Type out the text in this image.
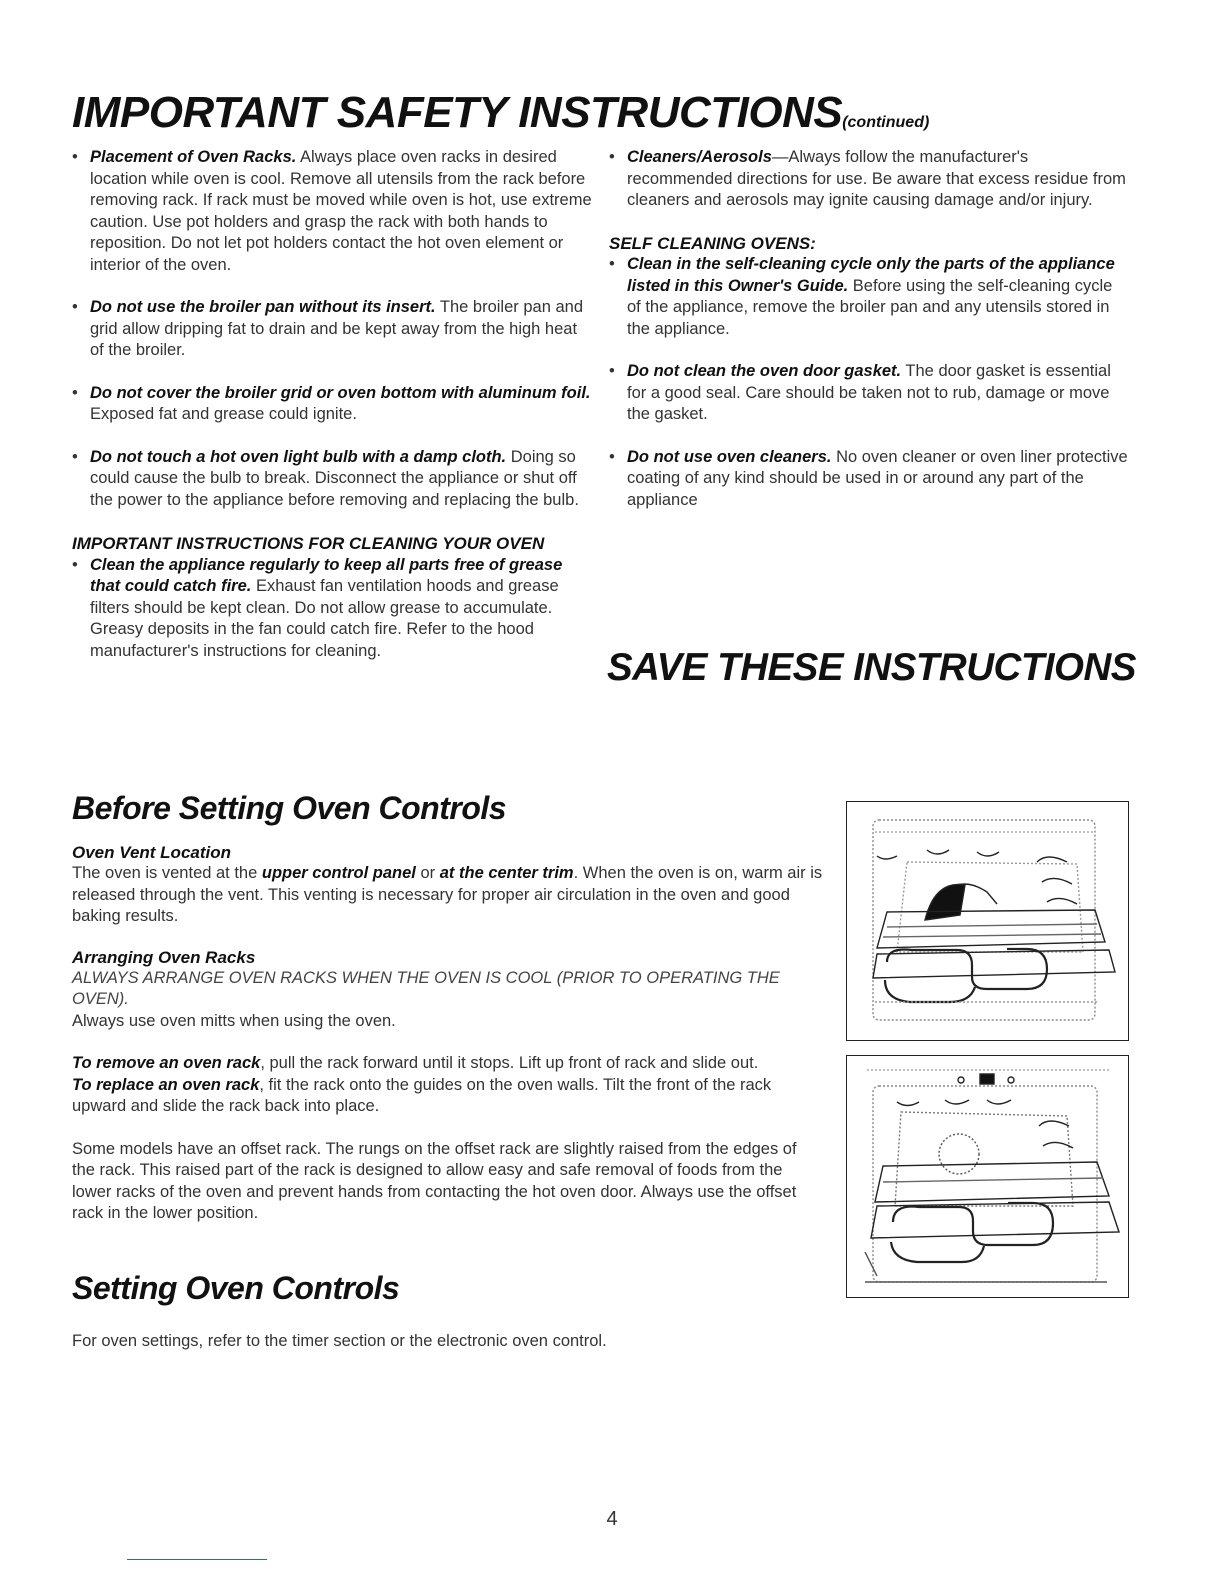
IMPORTANT SAFETY INSTRUCTIONS(continued)

• Placement of Oven Racks. Always place oven racks in desired location while oven is cool. Remove all utensils from the rack before removing rack. If rack must be moved while oven is hot, use extreme caution. Use pot holders and grasp the rack with both hands to reposition. Do not let pot holders contact the hot oven element or interior of the oven.

• Do not use the broiler pan without its insert. The broiler pan and grid allow dripping fat to drain and be kept away from the high heat of the broiler.

• Do not cover the broiler grid or oven bottom with aluminum foil. Exposed fat and grease could ignite.

• Do not touch a hot oven light bulb with a damp cloth. Doing so could cause the bulb to break. Disconnect the appliance or shut off the power to the appliance before removing and replacing the bulb.

IMPORTANT INSTRUCTIONS FOR CLEANING YOUR OVEN

• Clean the appliance regularly to keep all parts free of grease that could catch fire. Exhaust fan ventilation hoods and grease filters should be kept clean. Do not allow grease to accumulate. Greasy deposits in the fan could catch fire. Refer to the hood manufacturer's instructions for cleaning.

• Cleaners/Aerosols—Always follow the manufacturer's recommended directions for use. Be aware that excess residue from cleaners and aerosols may ignite causing damage and/or injury.

SELF CLEANING OVENS:

• Clean in the self-cleaning cycle only the parts of the appliance listed in this Owner's Guide. Before using the self-cleaning cycle of the appliance, remove the broiler pan and any utensils stored in the appliance.

• Do not clean the oven door gasket. The door gasket is essential for a good seal. Care should be taken not to rub, damage or move the gasket.

• Do not use oven cleaners. No oven cleaner or oven liner protective coating of any kind should be used in or around any part of the appliance

SAVE THESE INSTRUCTIONS
Before Setting Oven Controls

Oven Vent Location

The oven is vented at the upper control panel or at the center trim. When the oven is on, warm air is released through the vent. This venting is necessary for proper air circulation in the oven and good baking results.

Arranging Oven Racks

ALWAYS ARRANGE OVEN RACKS WHEN THE OVEN IS COOL (PRIOR TO OPERATING THE OVEN).

Always use oven mitts when using the oven.

To remove an oven rack, pull the rack forward until it stops. Lift up front of rack and slide out.
To replace an oven rack, fit the rack onto the guides on the oven walls. Tilt the front of the rack upward and slide the rack back into place.

Some models have an offset rack. The rungs on the offset rack are slightly raised from the edges of the rack. This raised part of the rack is designed to allow easy and safe removal of foods from the lower racks of the oven and prevent hands from contacting the hot oven door. Always use the offset rack in the lower position.

Setting Oven Controls

For oven settings, refer to the timer section or the electronic oven control.

4
